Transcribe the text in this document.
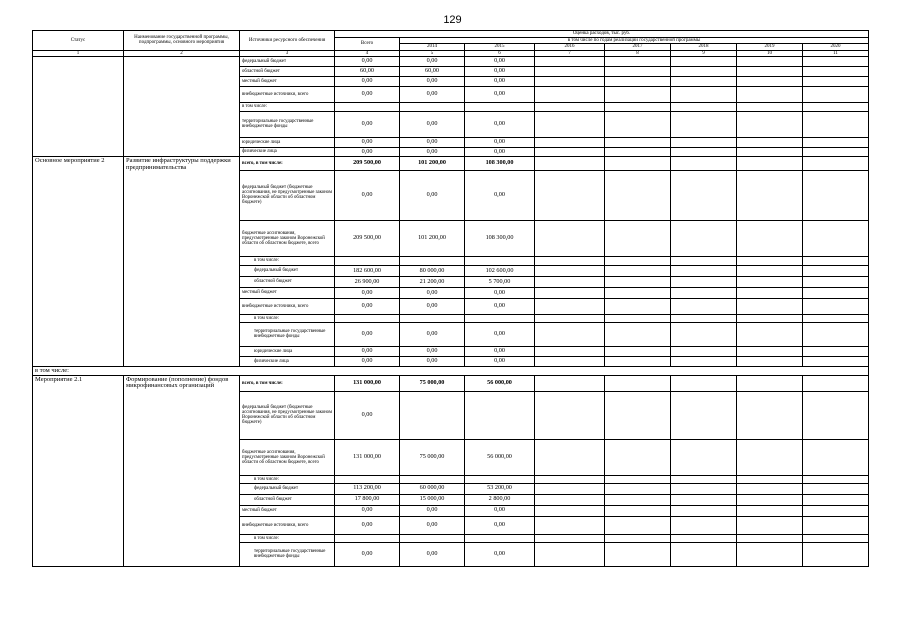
129
Статус	Наименование государственной программы, подпрограммы, основного мероприятия	Источники ресурсного обеспечения	Оценка расходов, тыс. руб.							
			Всего	в том числе по годам реализации государственной программы						
				2014	2015	2016	2017	2018	2019	2020
1	2	3	4	5	6	7	8	9	10	11
		федеральный бюджет	0,00	0,00	0,00					
		областной бюджет	60,00	60,00	0,00					
		местный бюджет	0,00	0,00	0,00					
		внебюджетные источники, всего	0,00	0,00	0,00					
		в том числе:								
		территориальные государственные внебюджетные фонды	0,00	0,00	0,00					
		юридические лица	0,00	0,00	0,00					
		физические лица	0,00	0,00	0,00					
Основное мероприятие 2	Развитие инфраструктуры поддержки предпринимательства	всего, в том числе:	209 500,00	101 200,00	108 300,00					
		федеральный бюджет (бюджетные ассигнования, не предусмотренные законом Воронежской области об областном бюджете)	0,00	0,00	0,00					
		бюджетные ассигнования, предусмотренные законом Воронежской области об областном бюджете, всего	209 500,00	101 200,00	108 300,00					
		в том числе:								
		федеральный бюджет	182 600,00	80 000,00	102 600,00					
		областной бюджет	26 900,00	21 200,00	5 700,00					
		местный бюджет	0,00	0,00	0,00					
		внебюджетные источники, всего	0,00	0,00	0,00					
		в том числе:								
		территориальные государственные внебюджетные фонды	0,00	0,00	0,00					
		юридические лица	0,00	0,00	0,00					
		физические лица	0,00	0,00	0,00					
в том числе:										
Мероприятие 2.1	Формирование (пополнение) фондов микрофинансовых организаций	всего, в том числе:	131 000,00	75 000,00	56 000,00					
		федеральный бюджет (бюджетные ассигнования, не предусмотренные законом Воронежской области об областном бюджете)	0,00							
		бюджетные ассигнования, предусмотренные законом Воронежской области об областном бюджете, всего	131 000,00	75 000,00	56 000,00					
		в том числе:								
		федеральный бюджет	113 200,00	60 000,00	53 200,00					
		областной бюджет	17 800,00	15 000,00	2 800,00					
		местный бюджет	0,00	0,00	0,00					
		внебюджетные источники, всего	0,00	0,00	0,00					
		в том числе:								
		территориальные государственные внебюджетные фонды	0,00	0,00	0,00					
